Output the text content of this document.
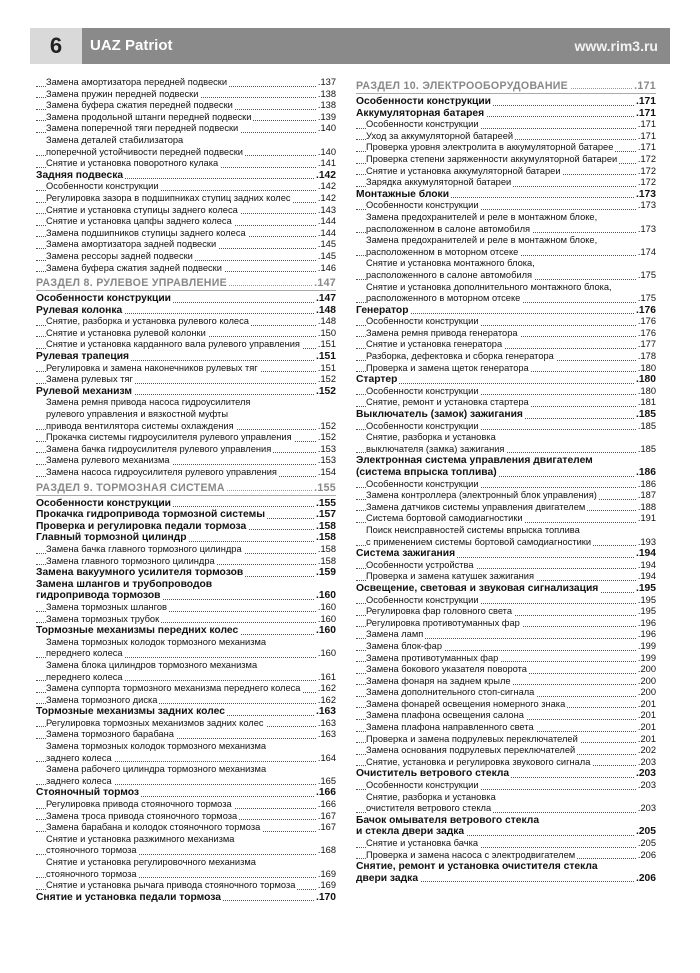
6	UAZ Patriot	www.rim3.ru
Замена амортизатора передней подвески	.137
Замена пружин передней подвески	.138
Замена буфера сжатия передней подвески	.138
Замена продольной штанги передней подвески	.139
Замена поперечной тяги передней подвески	.140
Замена деталей стабилизатора
поперечной устойчивости передней подвески	.140
Снятие и установка поворотного кулака	.141
Задняя подвеска	.142
Особенности конструкции	.142
Регулировка зазора в подшипниках ступиц задних колес	.142
Снятие и установка ступицы заднего колеса	.143
Снятие и установка цапфы заднего колеса	.144
Замена подшипников ступицы заднего колеса	.144
Замена амортизатора задней подвески	.145
Замена рессоры задней подвески	.145
Замена буфера сжатия задней подвески	.146
РАЗДЕЛ 8. РУЛЕВОЕ УПРАВЛЕНИЕ	.147
Особенности конструкции	.147
Рулевая колонка	.148
Снятие, разборка и установка рулевого колеса	.148
Снятие и установка рулевой колонки	.150
Снятие и установка карданного вала рулевого управления .151
Рулевая трапеция	.151
Регулировка и замена наконечников рулевых тяг	.151
Замена рулевых тяг	.152
Рулевой механизм	.152
Замена ремня привода насоса гидроусилителя
рулевого управления и вязкостной муфты
привода вентилятора системы охлаждения	.152
Прокачка системы гидроусилителя рулевого управления	.152
Замена бачка гидроусилителя рулевого управления	.153
Замена рулевого механизма	.153
Замена насоса гидроусилителя рулевого управления	.154
РАЗДЕЛ 9. ТОРМОЗНАЯ СИСТЕМА	.155
Особенности конструкции	.155
Прокачка гидропривода тормозной системы	.157
Проверка и регулировка педали тормоза	.158
Главный тормозной цилиндр	.158
Замена бачка главного тормозного цилиндра	.158
Замена главного тормозного цилиндра	.158
Замена вакуумного усилителя тормозов	.159
Замена шлангов и трубопроводов
гидропривода тормозов	.160
Замена тормозных шлангов	.160
Замена тормозных трубок	.160
Тормозные механизмы передних колес	.160
Замена тормозных колодок тормозного механизма
переднего колеса	.160
Замена блока цилиндров тормозного механизма
переднего колеса	.161
Замена суппорта тормозного механизма переднего колеса .162
Замена тормозного диска	.162
Тормозные механизмы задних колес	.163
Регулировка тормозных механизмов задних колес	.163
Замена тормозного барабана	.163
Замена тормозных колодок тормозного механизма
заднего колеса	.164
Замена рабочего цилиндра тормозного механизма
заднего колеса	.165
Стояночный тормоз	.166
Регулировка привода стояночного тормоза	.166
Замена троса привода стояночного тормоза	.167
Замена барабана и колодок стояночного тормоза	.167
Снятие и установка разжимного механизма
стояночного тормоза	.168
Снятие и установка регулировочного механизма
стояночного тормоза	.169
Снятие и установка рычага привода стояночного тормоза .169
Снятие и установка педали тормоза	.170
РАЗДЕЛ 10. ЭЛЕКТРООБОРУДОВАНИЕ	.171
Особенности конструкции	.171
Аккумуляторная батарея	.171
Особенности конструкции	.171
Уход за аккумуляторной батареей	.171
Проверка уровня электролита в аккумуляторной батарее	.171
Проверка степени заряженности аккумуляторной батареи .172
Снятие и установка аккумуляторной батареи	.172
Зарядка аккумуляторной батареи	.172
Монтажные блоки	.173
Особенности конструкции	.173
Замена предохранителей и реле в монтажном блоке,
расположенном в салоне автомобиля	.173
Замена предохранителей и реле в монтажном блоке,
расположенном в моторном отсеке	.174
Снятие и установка монтажного блока,
расположенного в салоне автомобиля	.175
Снятие и установка дополнительного монтажного блока,
расположенного в моторном отсеке	.175
Генератор	.176
Особенности конструкции	.176
Замена ремня привода генератора	.176
Снятие и установка генератора	.177
Разборка, дефектовка и сборка генератора	.178
Проверка и замена щеток генератора	.180
Стартер	.180
Особенности конструкции	.180
Снятие, ремонт и установка стартера	.181
Выключатель (замок) зажигания	.185
Особенности конструкции	.185
Снятие, разборка и установка
выключателя (замка) зажигания	.185
Электронная система управления двигателем
(система впрыска топлива)	.186
Особенности конструкции	.186
Замена контроллера (электронный блок управления)	.187
Замена датчиков системы управления двигателем	.188
Система бортовой самодиагностики	.191
Поиск неисправностей системы впрыска топлива
с применением системы бортовой самодиагностики	.193
Система зажигания	.194
Особенности устройства	.194
Проверка и замена катушек зажигания	.194
Освещение, световая и звуковая сигнализация	.195
Особенности конструкции	.195
Регулировка фар головного света	.195
Регулировка противотуманных фар	.196
Замена ламп	.196
Замена блок-фар	.199
Замена противотуманных фар	.199
Замена бокового указателя поворота	.200
Замена фонаря на заднем крыле	.200
Замена дополнительного стоп-сигнала	.200
Замена фонарей освещения номерного знака	.201
Замена плафона освещения салона	.201
Замена плафона направленного света	.201
Проверка и замена подрулевых переключателей	.201
Замена основания подрулевых переключателей	.202
Снятие, установка и регулировка звукового сигнала	.203
Очиститель ветрового стекла	.203
Особенности конструкции	.203
Снятие, разборка и установка
очистителя ветрового стекла	.203
Бачок омывателя ветрового стекла
и стекла двери задка	.205
Снятие и установка бачка	.205
Проверка и замена насоса с электродвигателем	.206
Снятие, ремонт и установка очистителя стекла
двери задка	.206
